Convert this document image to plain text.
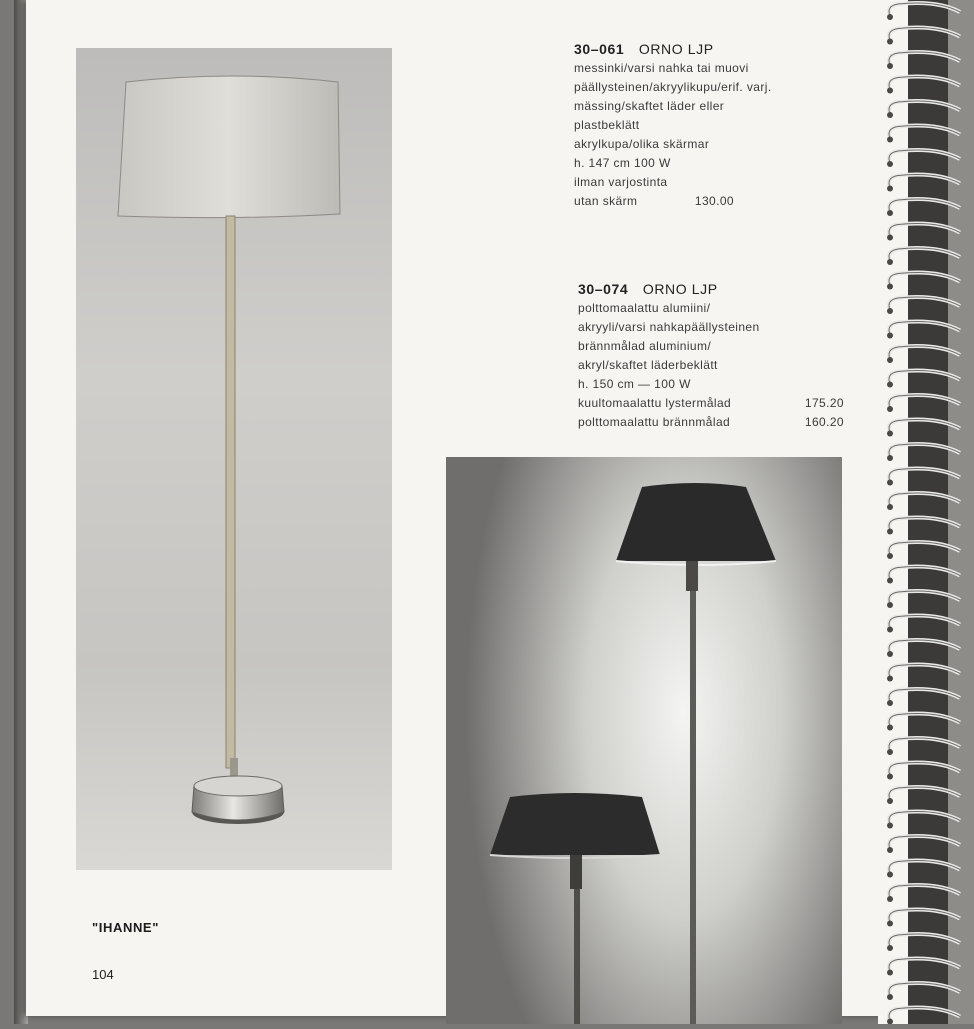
30–061 ORNO LJP
messinki/varsi nahka tai muovi
päällysteinen/akryylikupu/erif. varj.
mässing/skaftet läder eller
plastbeklätt
akrylkupa/olika skärmar
h. 147 cm 100 W
ilman varjostinta
utan skärm	130.00
30–074 ORNO LJP
polttomaalattu alumiini/
akryyli/varsi nahkapäällysteinen
brännmålad aluminium/
akryl/skaftet läderbeklätt
h. 150 cm — 100 W
kuultomaalattu lystermålad	175.20
polttomaalattu brännmålad	160.20
"IHANNE"
104
